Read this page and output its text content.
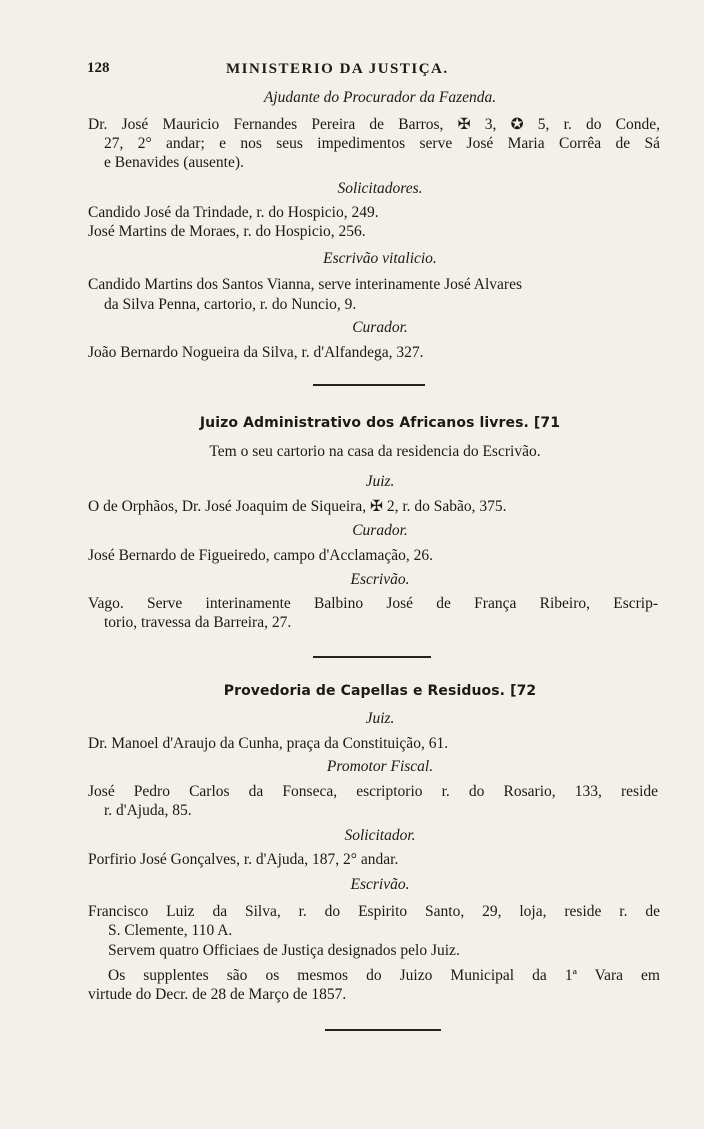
128	MINISTERIO DA JUSTIÇA.
Ajudante do Procurador da Fazenda.
Dr. José Mauricio Fernandes Pereira de Barros, ✠ 3, ✪ 5, r. do Conde,
27, 2° andar; e nos seus impedimentos serve José Maria Corrêa de Sá
e Benavides (ausente).
Solicitadores.
Candido José da Trindade, r. do Hospicio, 249.
José Martins de Moraes, r. do Hospicio, 256.
Escrivão vitalicio.
Candido Martins dos Santos Vianna, serve interinamente José Alvares
da Silva Penna, cartorio, r. do Nuncio, 9.
Curador.
João Bernardo Nogueira da Silva, r. d'Alfandega, 327.
Juizo Administrativo dos Africanos livres. [71
Tem o seu cartorio na casa da residencia do Escrivão.
Juiz.
O de Orphãos, Dr. José Joaquim de Siqueira, ✠ 2, r. do Sabão, 375.
Curador.
José Bernardo de Figueiredo, campo d'Acclamação, 26.
Escrivão.
Vago. Serve interinamente Balbino José de França Ribeiro, Escrip-
torio, travessa da Barreira, 27.
Provedoria de Capellas e Residuos. [72
Juiz.
Dr. Manoel d'Araujo da Cunha, praça da Constituição, 61.
Promotor Fiscal.
José Pedro Carlos da Fonseca, escriptorio r. do Rosario, 133, reside
r. d'Ajuda, 85.
Solicitador.
Porfirio José Gonçalves, r. d'Ajuda, 187, 2° andar.
Escrivão.
Francisco Luiz da Silva, r. do Espirito Santo, 29, loja, reside r. de
S. Clemente, 110 A.
Servem quatro Officiaes de Justiça designados pelo Juiz.
Os supplentes são os mesmos do Juizo Municipal da 1ª Vara em
virtude do Decr. de 28 de Março de 1857.
